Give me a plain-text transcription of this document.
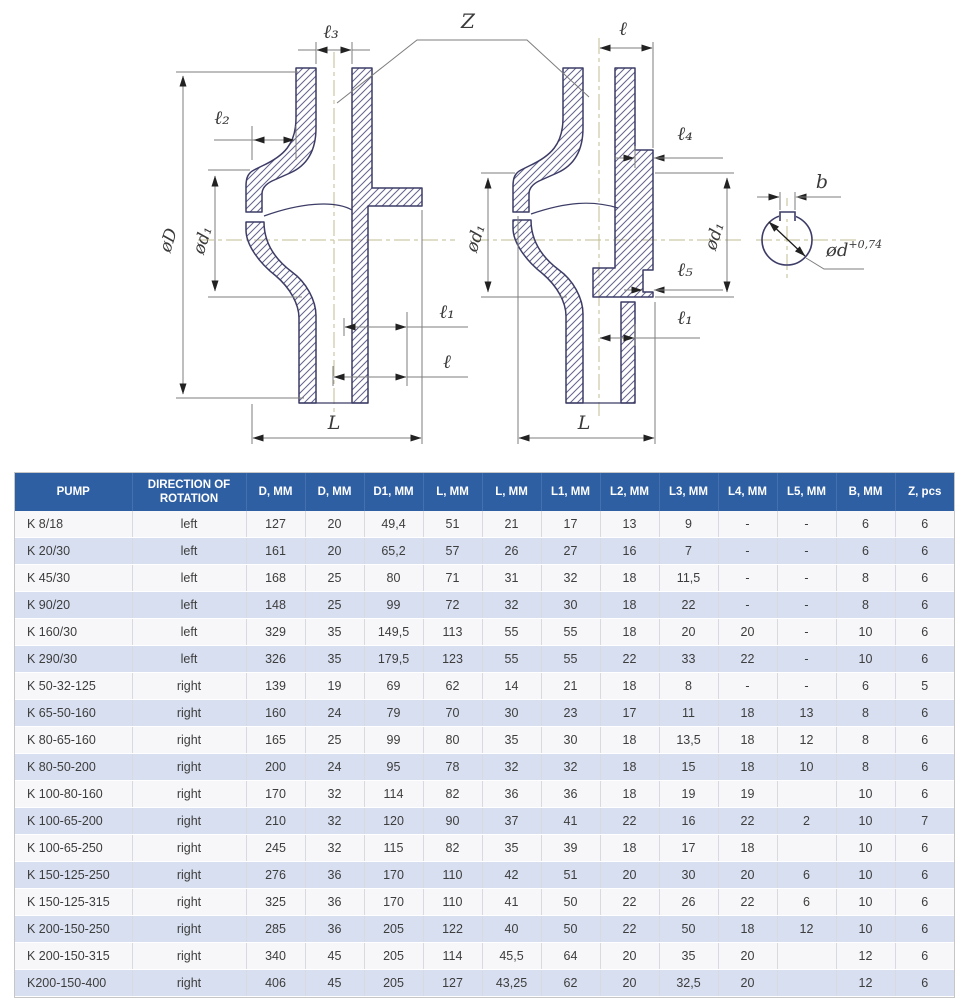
Z
ℓ₃
ℓ₂
øD ød₁
ℓ₁
ℓ
L
ℓ
ℓ₄
ød₁	ød₁
ℓ₅
ℓ₁
L
b
$ød^{+0,74}$
PUMP	DIRECTION OF ROTATION	D, MM	D, MM	D1, MM	L, MM	L, MM	L1, MM	L2, MM	L3, MM	L4, MM	L5, MM	B, MM	Z, pcs
K 8/18	left	127	20	49,4	51	21	17	13	9	-	-	6	6
K 20/30	left	161	20	65,2	57	26	27	16	7	-	-	6	6
K 45/30	left	168	25	80	71	31	32	18	11,5	-	-	8	6
K 90/20	left	148	25	99	72	32	30	18	22	-	-	8	6
K 160/30	left	329	35	149,5	113	55	55	18	20	20	-	10	6
K 290/30	left	326	35	179,5	123	55	55	22	33	22	-	10	6
K 50-32-125	right	139	19	69	62	14	21	18	8	-	-	6	5
K 65-50-160	right	160	24	79	70	30	23	17	11	18	13	8	6
K 80-65-160	right	165	25	99	80	35	30	18	13,5	18	12	8	6
K 80-50-200	right	200	24	95	78	32	32	18	15	18	10	8	6
K 100-80-160	right	170	32	114	82	36	36	18	19	19		10	6
K 100-65-200	right	210	32	120	90	37	41	22	16	22	2	10	7
K 100-65-250	right	245	32	115	82	35	39	18	17	18		10	6
K 150-125-250	right	276	36	170	110	42	51	20	30	20	6	10	6
K 150-125-315	right	325	36	170	110	41	50	22	26	22	6	10	6
K 200-150-250	right	285	36	205	122	40	50	22	50	18	12	10	6
K 200-150-315	right	340	45	205	114	45,5	64	20	35	20		12	6
K200-150-400	right	406	45	205	127	43,25	62	20	32,5	20		12	6
